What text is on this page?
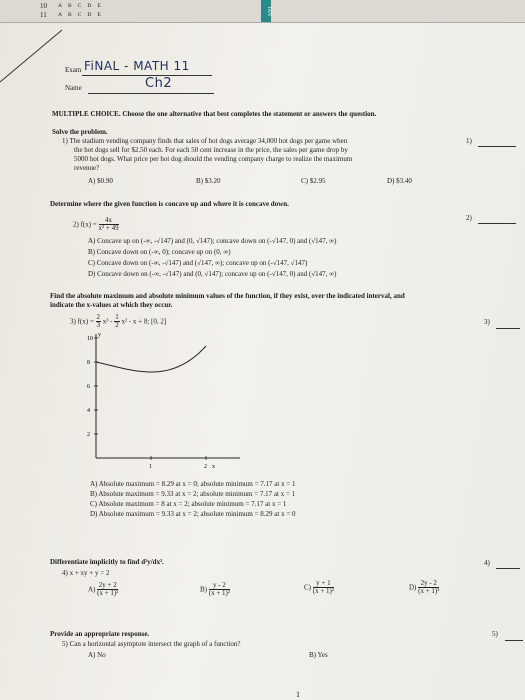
10
11
A B C D E
A B C D E	TAN
Exam FiNAL - MATH 11
Name	Ch2
MULTIPLE CHOICE. Choose the one alternative that best completes the statement or answers the question.
Solve the problem.
1) The stadium vending company finds that sales of hot dogs average 34,000 hot dogs per game when
the hot dogs sell for $2.50 each. For each 50 cent increase in the price, the sales per game drop by
5000 hot dogs. What price per hot dog should the vending company charge to realize the maximum
revenue?
1)
A) $0.90	B) $3.20	C) $2.95	D) $3.40
Determine where the given function is concave up and where it is concave down.
2) $f(x) = \frac{4x}{\text{x² + 49}}$	2)
A) Concave up on (-∞, -√147) and (0, √147); concave down on (-√147, 0) and (√147, ∞)
B) Concave down on (-∞, 0); concave up on (0, ∞)
C) Concave down on (-∞, -√147) and (√147, ∞); concave up on (-√147, √147)
D) Concave down on (-∞, -√147) and (0, √147); concave up on (-√147, 0) and (√147, ∞)
Find the absolute maximum and absolute minimum values of the function, if they exist, over the indicated interval, and
indicate the x-values at which they occur.
3) $f(x) = \frac{2}{3} x^3 - \frac{1}{2} x^2 - x + 8$; [0, 2]	3)
10
8
6
4
2
1	2 x
y
A) Absolute maximum = 8.29 at x = 0; absolute minimum = 7.17 at x = 1
B) Absolute maximum = 9.33 at x = 2; absolute minimum = 7.17 at x = 1
C) Absolute maximum = 8 at x = 2; absolute minimum = 7.17 at x = 1
D) Absolute maximum = 9.33 at x = 2; absolute minimum = 8.29 at x = 0
Differentiate implicitly to find d²y/dx².
4) x + xy + y = 2
4)
$A) \frac{2y + 2}{\text{(x + 1)²}}$	$B) \frac{y - 2}{\text{(x + 1)²}}$	$C) \frac{y + 1}{\text{(x + 1)²}}$	$D) \frac{2y - 2}{\text{(x + 1)²}}$
Provide an appropriate response.
5) Can a horizontal asymptote intersect the graph of a function?
5)
A) No	B) Yes
1
